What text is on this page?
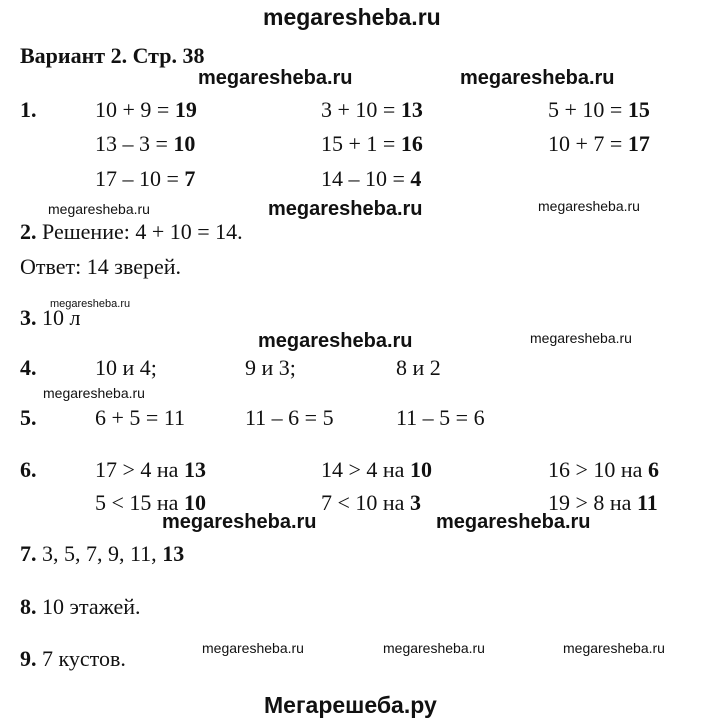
megaresheba.ru
megaresheba.ru	megaresheba.ru
megaresheba.ru	megaresheba.ru	megaresheba.ru
megaresheba.ru
megaresheba.ru	megaresheba.ru
megaresheba.ru
megaresheba.ru	megaresheba.ru
megaresheba.ru	megaresheba.ru	megaresheba.ru
Мегарешеба.ру
Вариант 2. Стр. 38
1.	10 + 9 = 19	3 + 10 = 13	5 + 10 = 15
13 – 3 = 10	15 + 1 = 16	10 + 7 = 17
17 – 10 = 7	14 – 10 = 4
2. Решение: 4 + 10 = 14.
Ответ: 14 зверей.
3. 10 л
4.	10 и 4;	9 и 3;	8 и 2
5.	6 + 5 = 11	11 – 6 = 5	11 – 5 = 6
6.	17 > 4 на 13	14 > 4 на 10	16 > 10 на 6
5 < 15 на 10	7 < 10 на 3	19 > 8 на 11
7. 3, 5, 7, 9, 11, 13
8. 10 этажей.
9. 7 кустов.
